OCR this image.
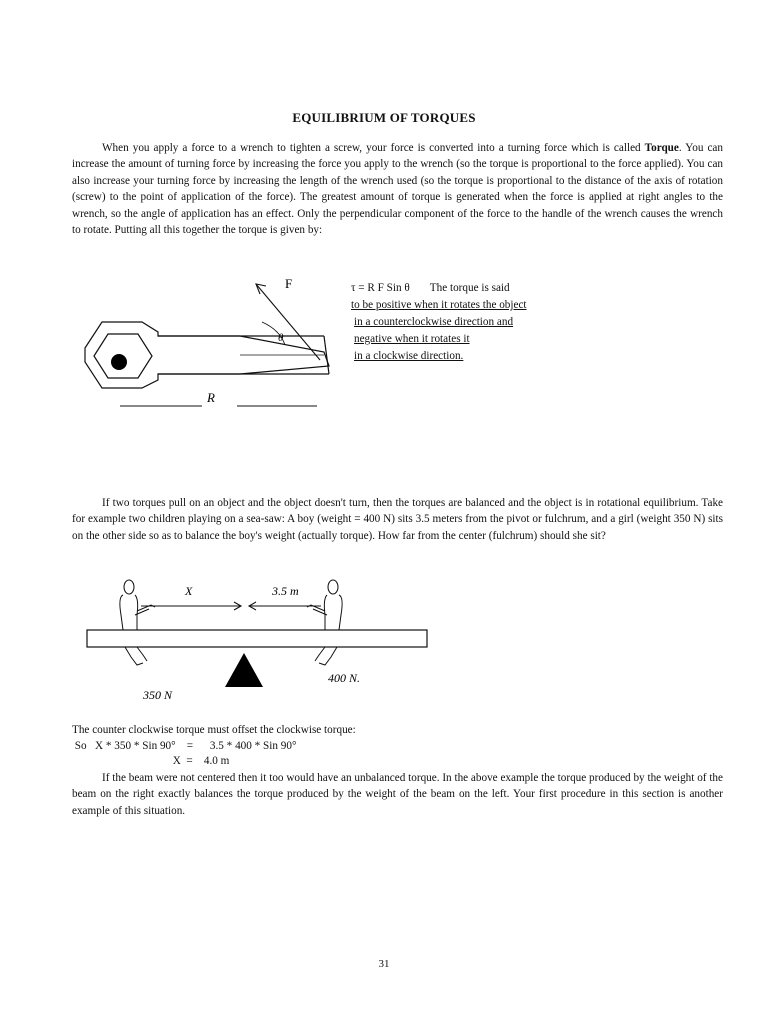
EQUILIBRIUM OF TORQUES

When you apply a force to a wrench to tighten a screw, your force is converted into a turning force which is called Torque. You can increase the amount of turning force by increasing the force you apply to the wrench (so the torque is proportional to the force applied). You can also increase your turning force by increasing the length of the wrench used (so the torque is proportional to the distance of the axis of rotation (screw) to the point of application of the force). The greatest amount of torque is generated when the force is applied at right angles to the wrench, so the angle of application has an effect. Only the perpendicular component of the force to the handle of the wrench causes the wrench to rotate. Putting all this together the torque is given by:

F
θ
R
τ = R F Sin θ The torque is said
to be positive when it rotates the object
in a counterclockwise direction and
negative when it rotates it
in a clockwise direction.

If two torques pull on an object and the object doesn't turn, then the torques are balanced and the object is in rotational equilibrium. Take for example two children playing on a sea-saw: A boy (weight = 400 N) sits 3.5 meters from the pivot or fulchrum, and a girl (weight 350 N) sits on the other side so as to balance the boy's weight (actually torque). How far from the center (fulchrum) should she sit?

X	3.5 m
350 N
400 N.
The counter clockwise torque must offset the clockwise torque:
So   X * 350 * Sin 90°    =      3.5 * 400 * Sin 90°
X  =    4.0 m

If the beam were not centered then it too would have an unbalanced torque. In the above example the torque produced by the weight of the beam on the right exactly balances the torque produced by the weight of the beam on the left. Your first procedure in this section is another example of this situation.

31
